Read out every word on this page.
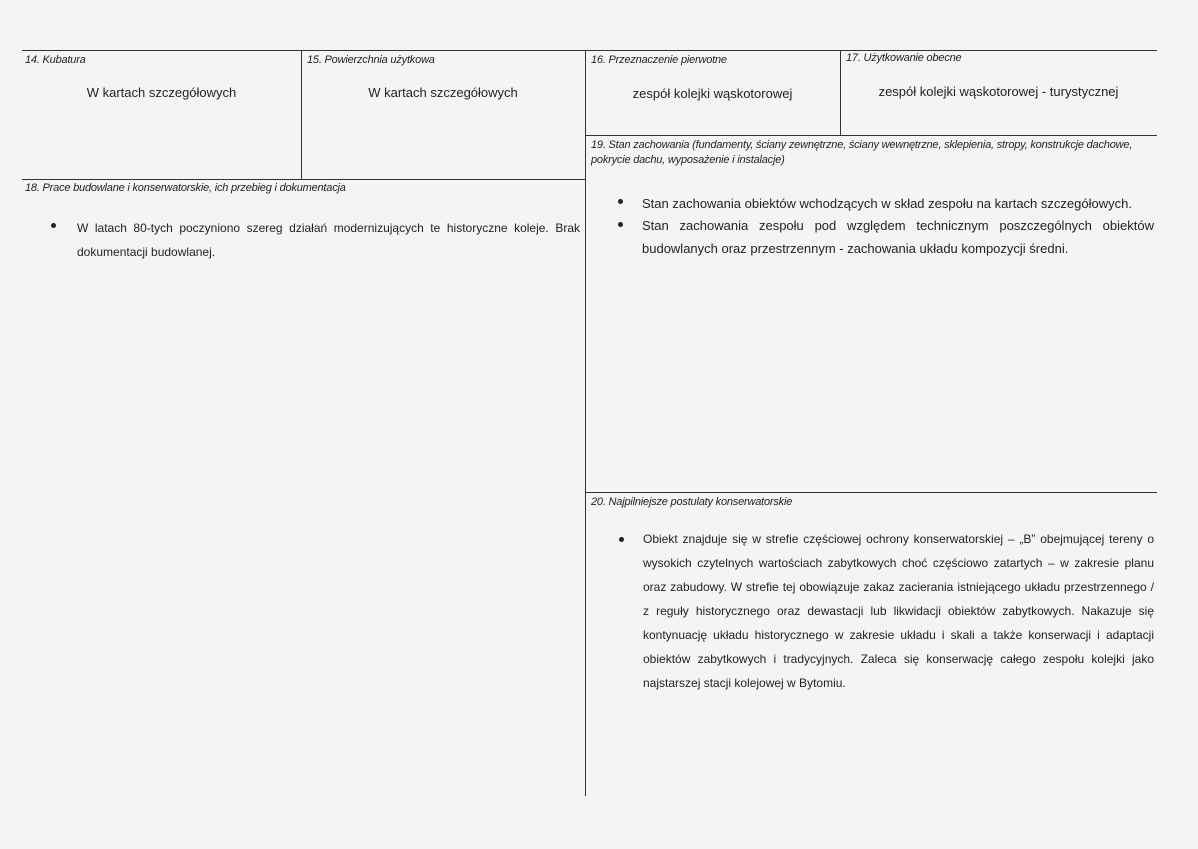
14. Kubatura
W kartach szczegółowych
15. Powierzchnia użytkowa
W kartach szczegółowych
16. Przeznaczenie pierwotne
zespół kolejki wąskotorowej
17. Użytkowanie obecne
zespół kolejki wąskotorowej - turystycznej
18. Prace budowlane i konserwatorskie, ich przebieg i dokumentacja
W latach 80-tych poczyniono szereg działań modernizujących te historyczne koleje. Brak dokumentacji budowlanej.
19. Stan zachowania (fundamenty, ściany zewnętrzne, ściany wewnętrzne, sklepienia, stropy, konstrukcje dachowe, pokrycie dachu, wyposażenie i instalacje)
Stan zachowania obiektów wchodzących w skład zespołu na kartach szczegółowych.
Stan zachowania zespołu pod względem technicznym poszczególnych obiektów budowlanych oraz przestrzennym - zachowania układu kompozycji średni.
20. Najpilniejsze postulaty konserwatorskie
Obiekt znajduje się w strefie częściowej ochrony konserwatorskiej – „B” obejmującej tereny o wysokich czytelnych wartościach zabytkowych choć częściowo zatartych – w zakresie planu oraz zabudowy. W strefie tej obowiązuje zakaz zacierania istniejącego układu przestrzennego / z reguły historycznego oraz dewastacji lub likwidacji obiektów zabytkowych. Nakazuje się kontynuację układu historycznego w zakresie układu i skali a także konserwacji i adaptacji obiektów zabytkowych i tradycyjnych. Zaleca się konserwację całego zespołu kolejki jako najstarszej stacji kolejowej w Bytomiu.
